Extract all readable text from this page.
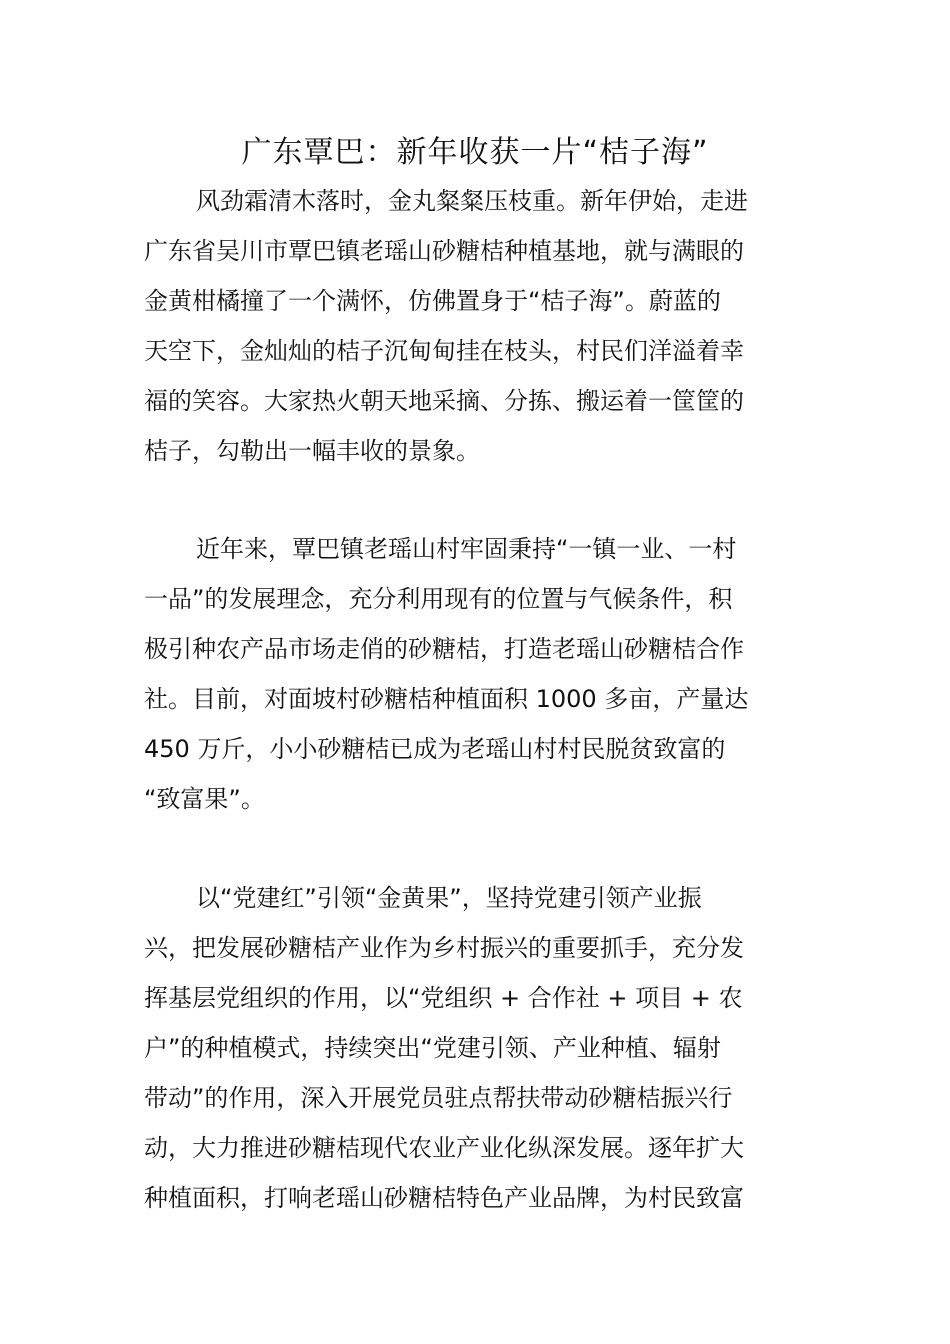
广东覃巴：新年收获一片“桔子海”
风劲霜清木落时，金丸粲粲压枝重。新年伊始，走进
广东省吴川市覃巴镇老瑶山砂糖桔种植基地，就与满眼的
金黄柑橘撞了一个满怀，仿佛置身于“桔子海”。蔚蓝的
天空下，金灿灿的桔子沉甸甸挂在枝头，村民们洋溢着幸
福的笑容。大家热火朝天地采摘、分拣、搬运着一筐筐的
桔子，勾勒出一幅丰收的景象。
近年来，覃巴镇老瑶山村牢固秉持“一镇一业、一村
一品”的发展理念，充分利用现有的位置与气候条件，积
极引种农产品市场走俏的砂糖桔，打造老瑶山砂糖桔合作
社。目前，对面坡村砂糖桔种植面积 1000 多亩，产量达
450 万斤，小小砂糖桔已成为老瑶山村村民脱贫致富的
“致富果”。
以“党建红”引领“金黄果”，坚持党建引领产业振
兴，把发展砂糖桔产业作为乡村振兴的重要抓手，充分发
挥基层党组织的作用，以“党组织 + 合作社 + 项目 + 农
户”的种植模式，持续突出“党建引领、产业种植、辐射
带动”的作用，深入开展党员驻点帮扶带动砂糖桔振兴行
动，大力推进砂糖桔现代农业产业化纵深发展。逐年扩大
种植面积，打响老瑶山砂糖桔特色产业品牌，为村民致富
